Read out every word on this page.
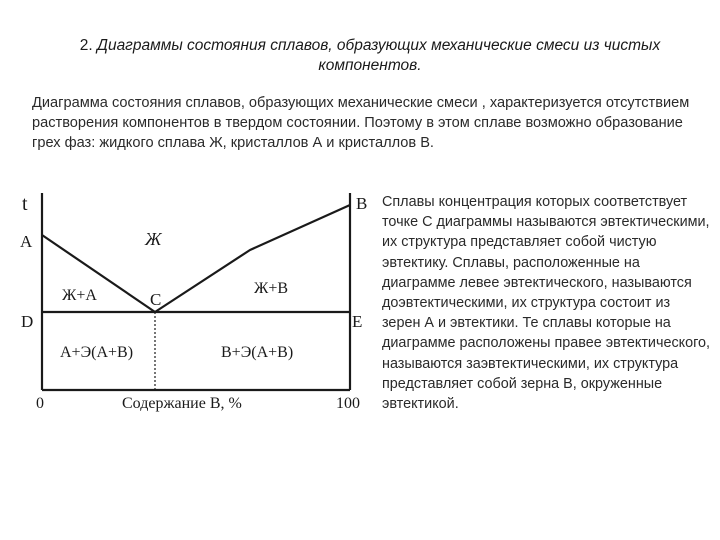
2. Диаграммы состояния сплавов, образующих механические смеси из чистых
компонентов.
Диаграмма состояния сплавов, образующих механические смеси , характеризуется отсутствием растворения компонентов в твердом состоянии. Поэтому в этом сплаве возможно образование грех фаз: жидкого сплава Ж, кристаллов А и кристаллов В.
t
A
B
C
D	E
Ж
Ж+А	Ж+В
А+Э(А+В)	В+Э(А+В)
0	Содержание В, %	100
Сплавы концентрация которых соответствует точке С диаграммы называются эвтектическими, их структура представляет собой чистую эвтектику. Сплавы, расположенные на диаграмме левее эвтектического, называются доэвтектическими, их структура состоит из зерен А и эвтектики. Те сплавы которые на диаграмме расположены правее эвтектического, называются заэвтектическими, их структура представляет собой зерна В, окруженные эвтектикой.
